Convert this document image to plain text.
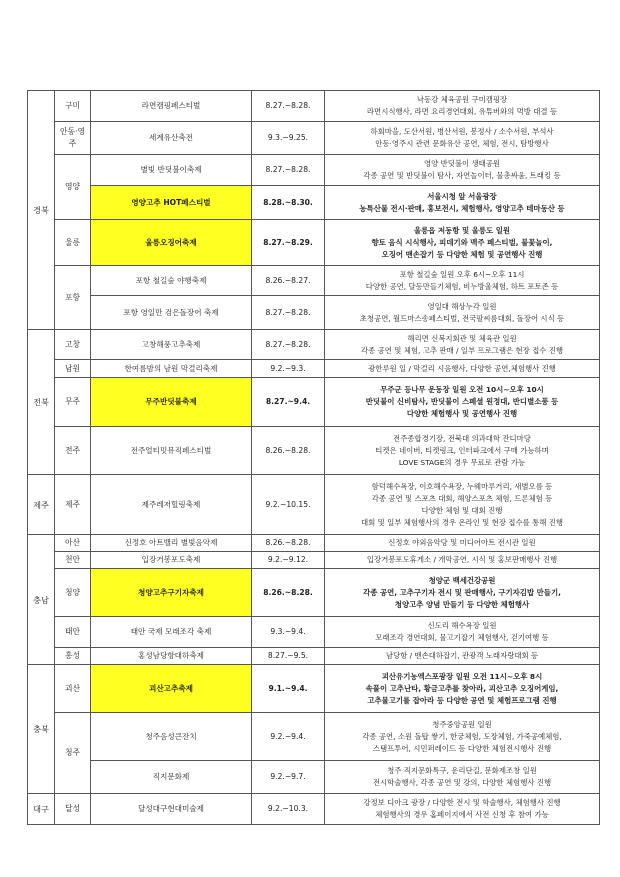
경북	구미	라면캠핑페스티벌	8.27.~8.28.	낙동강 체육공원 구미캠핑장
라면시식행사, 라면 요리경연대회, 유튜버와의 먹방 대결 등

	안동·영주	세계유산축전	9.3.~9.25.	하회마을, 도산서원, 병산서원, 봉정사 / 소수서원, 부석사
안동·영주시 관련 문화유산 공연, 체험, 전시, 탐방행사

	영양	별빛 반딧불이축제	8.27.~8.28.	영양 반딧불이 생태공원
각종 공연 및 반딧불이 탐사, 자연놀이터, 물총싸움, 트래킹 등

		영양고추 HOT페스티벌	8.28.~8.30.	서울시청 앞 서울광장
농특산물 전시·판매, 홍보전시, 체험행사, 영양고추 테마동산 등

	울릉	울릉오징어축제	8.27.~8.29.	울릉읍 저동항 및 울릉도 일원
향토 음식 시식행사, 피데기와 맥주 페스티벌, 불꽃놀이,
오징어 맨손잡기 등 다양한 체험 및 공연행사 진행

	포항	포항 철길숲 야행축제	8.26.~8.27.	포항 철길숲 일원 오후 6시~오후 11시
다양한 공연, 달등만들기체험, 비누방울체험, 하트 포토존 등

		포항 영일만 검은돌장어 축제	8.27.~8.28.	영일대 해상누각 일원
초청공연, 월드마스송페스티벌, 전국팔씨름대회, 돌장어 시식 등

전북	고창	고창해풍고추축제	8.27.~8.28.	해리면 신복지회관 및 체육관 일원
각종 공연 및 체험, 고추 판매 / 일부 프로그램은 현장 접수 진행

	남원	한여름밤의 남원 막걸리축제	9.2.~9.3.	광한루원 일 / 막걸리 시음행사, 다양한 공연,체험행사 진행

	무주	무주반딧불축제	8.27.~9.4.	무주군 등나무 운동장 일원 오전 10시~오후 10시
반딧불이 신비탐사, 반딧불이 스페셜 원정대, 반디별소풍 등
다양한 체험행사 및 공연행사 진행

	전주	전주얼티밋뮤직페스티벌	8.26.~8.28.	전주종합경기장, 전북대 의과대학 잔디마당
티켓은 네이버, 티켓링크, 인터파크에서 구매 가능하며
LOVE STAGE의 경우 무료로 관람 가능

제주	제주	제주레저힐링축제	9.2.~10.15.	함덕해수욕장, 이호해수욕장, 누웨마루거리, 새별오름 등
각종 공연 및 스포츠 대회, 해양스포츠 체험, 드론체험 등
다양한 체험 및 대회 진행
대회 및 일부 체험행사의 경우 온라인 및 현장 접수를 통해 진행

충남	아산	신정호 아트밸리 별빛음악제	8.26.~8.28.	신정호 야외음악당 및 미디어아트 전시관 일원

	천안	입장거봉포도축제	9.2.~9.12.	입장거봉포도휴게소 / 개막공연, 시식 및 홍보판매행사 진행

	청양	청양고추구기자축제	8.26.~8.28.	청양군 백세건강공원
각종 공연, 고추구기자 전시 및 판매행사, 구기자김밥 만들기,
청양고추 양념 만들기 등 다양한 체험행사

	태안	태안 국제 모래조각 축제	9.3.~9.4.	신도리 해수욕장 일원
모래조각 경연대회, 물고기잡기 체험행사, 걷기여행 등

	홍성	홍성남당항대하축제	8.27.~9.5.	남당항 / 맨손대하잡기, 관광객 노래자랑대회 등

충북	괴산	괴산고추축제	9.1.~9.4.	괴산유기농엑스포광장 일원 오전 11시~오후 8시
속풀이 고추난타, 황금고추를 찾아라, 괴산고추 오징어게임,
고추물고기를 잡아라 등 다양한 공연 및 체험프로그램 진행

	청주	청주음성큰잔치	9.2.~9.4.	청주중앙공원 일원
각종 공연, 소원 돌탑 쌓기, 한궁체험, 도장체험, 가죽공예체험,
스탬프투어, 시민퍼레이드 등 다양한 체험전시행사 진행

		직지문화제	9.2.~9.7.	청주 직지문화특구, 운리단길, 문화제조창 일원
전시학술행사, 각종 공연 및 강의, 다양한 체험행사 진행

대구	달성	달성대구현대미술제	9.2.~10.3.	강정보 디아크 광장 / 다양한 전시 및 학술행사, 체험행사 진행
체험행사의 경우 홈페이지에서 사전 신청 후 참여 가능
